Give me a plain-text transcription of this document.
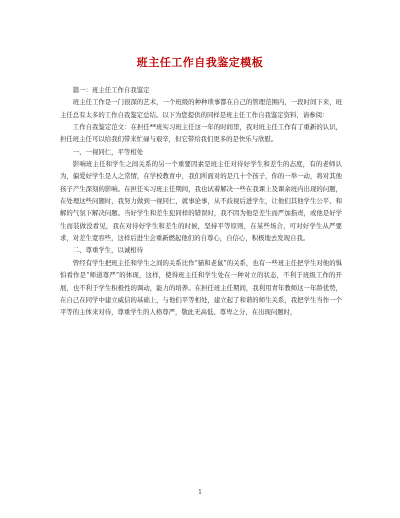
班主任工作自我鉴定模板

篇一：班主任工作自我鉴定

班主任工作是一门很深的艺术，一个班级的种种琐事都在自己的管理范围内，一段时间下来，班主任总有太多的工作自我鉴定总结。以下为您提供的同样是班主任工作自我鉴定资料，请参阅：

工作自我鉴定范文：在担任**班实习班主任这一年的时间里，我对班主任工作有了重新的认识，担任班主任可以给我们带来忙碌与艰辛，但它带给我们更多的是快乐与欣慰。

一、一视同仁，平等相处

影响班主任和学生之间关系的另一个重要因素是班主任对待好学生和差生的态度，有的老师认为，偏爱好学生是人之常情，在学校教育中，我们所面对的是几十个孩子，你的一举一动，将对其他孩子产生深刻的影响。在担任实习班主任期间，我也试着解决一些在我课上及课余班内出现的问题，在处理这些问题时，我努力做到一视同仁，就事论事，从不歧视后进学生，让他们其他学生公平、和解的气氛下解决问题。当好学生和差生犯同样的错误时，我不因为他是差生而严加指责，或他是好学生而装做没看见，我在对待好学生和差生的时候，坚持平等原则，在某些场合，可对好学生从严要求，对差生宽容些，这样后进生会重新燃起他们的自尊心，自信心，积极地去发现自我。

二、尊重学生，以诚相待

曾经有学生把班主任和学生之间的关系比作“猫和老鼠”的关系，也有一些班主任把学生对他的惧怕看作是“师道尊严”的体现，这样，使得班主任和学生处在一种对立的状态，不利于班级工作的开展，也不利于学生积极性的调动，能力的培养。在担任班主任期间，我利用青年教师这一年龄优势，在自己在同学中建立威信的基础上，与他们平等相处，建立起了和谐的师生关系，我把学生当作一个平等的主体来对待，尊重学生的人格尊严，敬此无高低、尊卑之分，在出现问题时，

1
